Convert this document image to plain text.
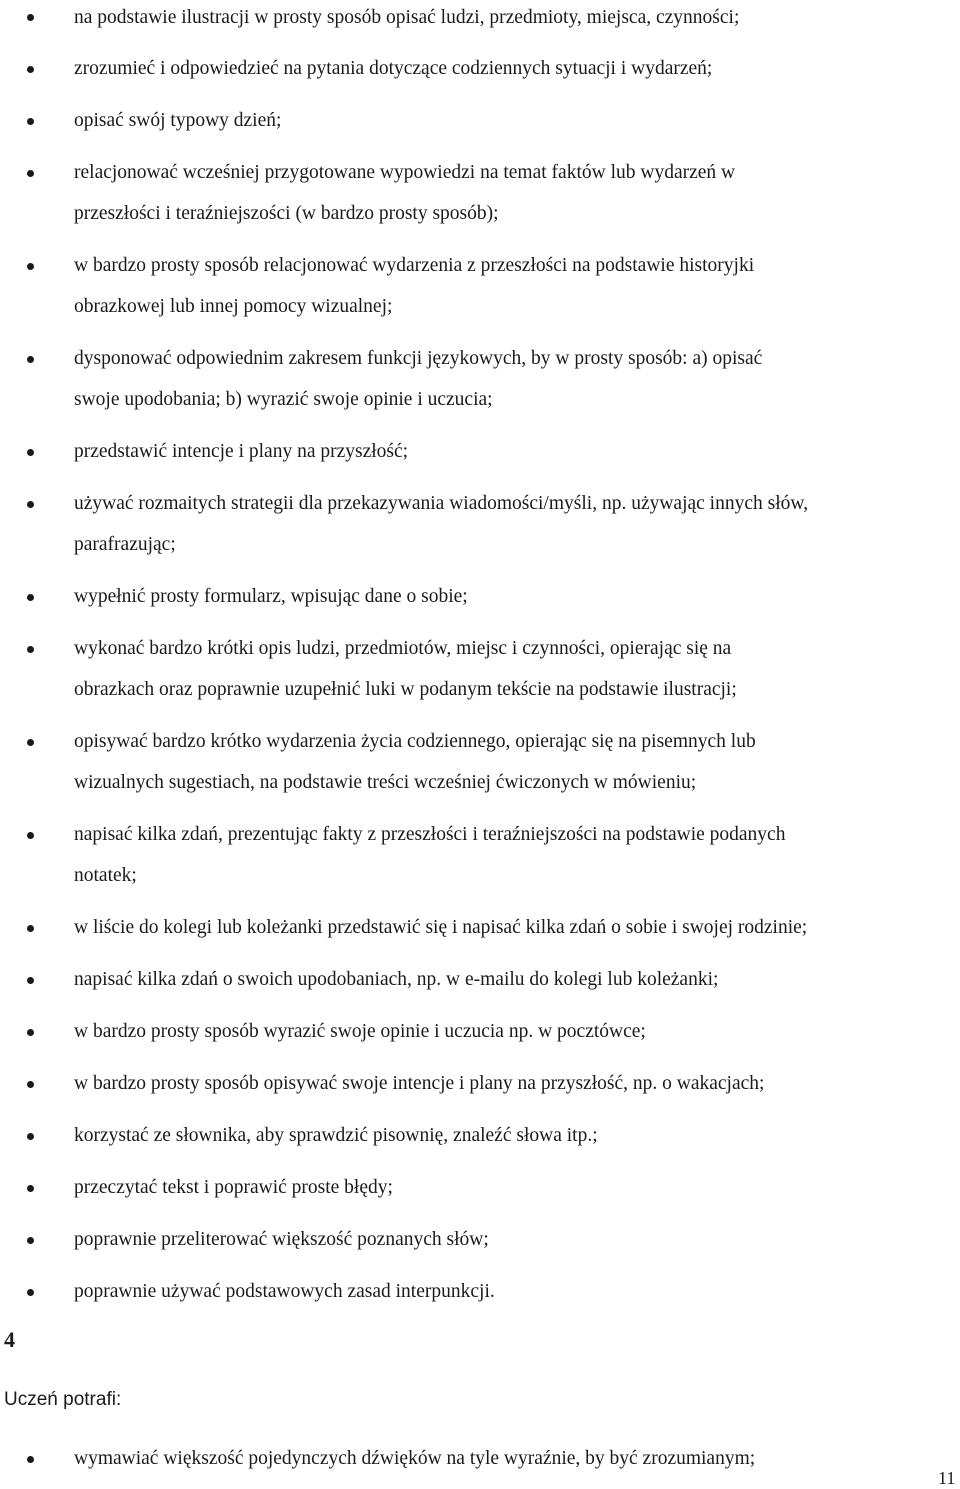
na podstawie ilustracji w prosty sposób opisać ludzi, przedmioty, miejsca, czynności;
zrozumieć i odpowiedzieć na pytania dotyczące codziennych sytuacji i wydarzeń;
opisać swój typowy dzień;
relacjonować wcześniej przygotowane wypowiedzi na temat faktów lub wydarzeń w
przeszłości i teraźniejszości (w bardzo prosty sposób);
w bardzo prosty sposób relacjonować wydarzenia z przeszłości na podstawie historyjki
obrazkowej lub innej pomocy wizualnej;
dysponować odpowiednim zakresem funkcji językowych, by w prosty sposób: a) opisać
swoje upodobania; b) wyrazić swoje opinie i uczucia;
przedstawić intencje i plany na przyszłość;
używać rozmaitych strategii dla przekazywania wiadomości/myśli, np. używając innych słów,
parafrazując;
wypełnić prosty formularz, wpisując dane o sobie;
wykonać bardzo krótki opis ludzi, przedmiotów, miejsc i czynności, opierając się na
obrazkach oraz poprawnie uzupełnić luki w podanym tekście na podstawie ilustracji;
opisywać bardzo krótko wydarzenia życia codziennego, opierając się na pisemnych lub
wizualnych sugestiach, na podstawie treści wcześniej ćwiczonych w mówieniu;
napisać kilka zdań, prezentując fakty z przeszłości i teraźniejszości na podstawie podanych
notatek;
w liście do kolegi lub koleżanki przedstawić się i napisać kilka zdań o sobie i swojej rodzinie;
napisać kilka zdań o swoich upodobaniach, np. w e-mailu do kolegi lub koleżanki;
w bardzo prosty sposób wyrazić swoje opinie i uczucia np. w pocztówce;
w bardzo prosty sposób opisywać swoje intencje i plany na przyszłość, np. o wakacjach;
korzystać ze słownika, aby sprawdzić pisownię, znaleźć słowa itp.;
przeczytać tekst i poprawić proste błędy;
poprawnie przeliterować większość poznanych słów;
poprawnie używać podstawowych zasad interpunkcji.
4
Uczeń potrafi:
wymawiać większość pojedynczych dźwięków na tyle wyraźnie, by być zrozumianym;
11
